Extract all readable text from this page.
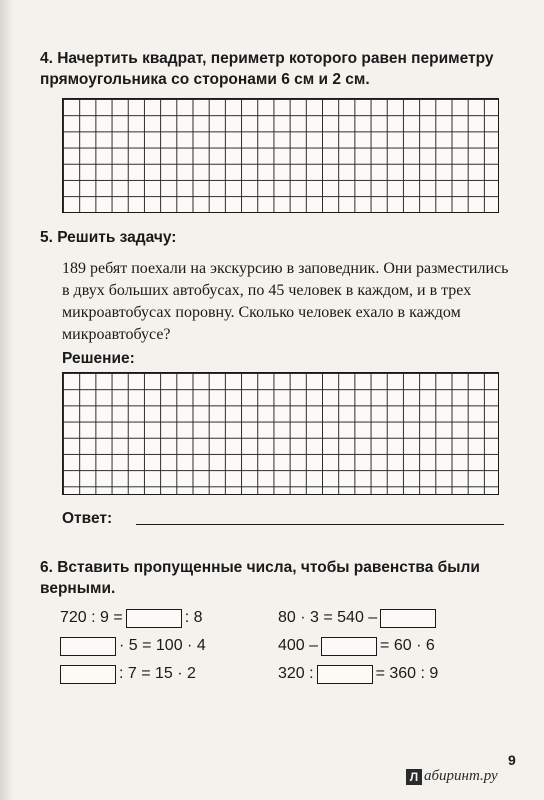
4. Начертить квадрат, периметр которого равен периметру
прямоугольника со сторонами 6 см и 2 см.

5. Решить задачу:

189 ребят поехали на экскурсию в заповедник. Они разместились в двух больших автобусах, по 45 человек в каждом, и в трех микроавтобусах поровну. Сколько человек ехало в каждом микроавтобусе?

Решение:
Ответ:

6. Вставить пропущенные числа, чтобы равенства были
верными.

720 : 9 =	: 8
· 5 = 100 · 4
: 7 = 15 · 2
80 · 3 = 540 –
400 –	= 60 · 6
320 :	= 360 : 9
9
Л абиринт.ру
